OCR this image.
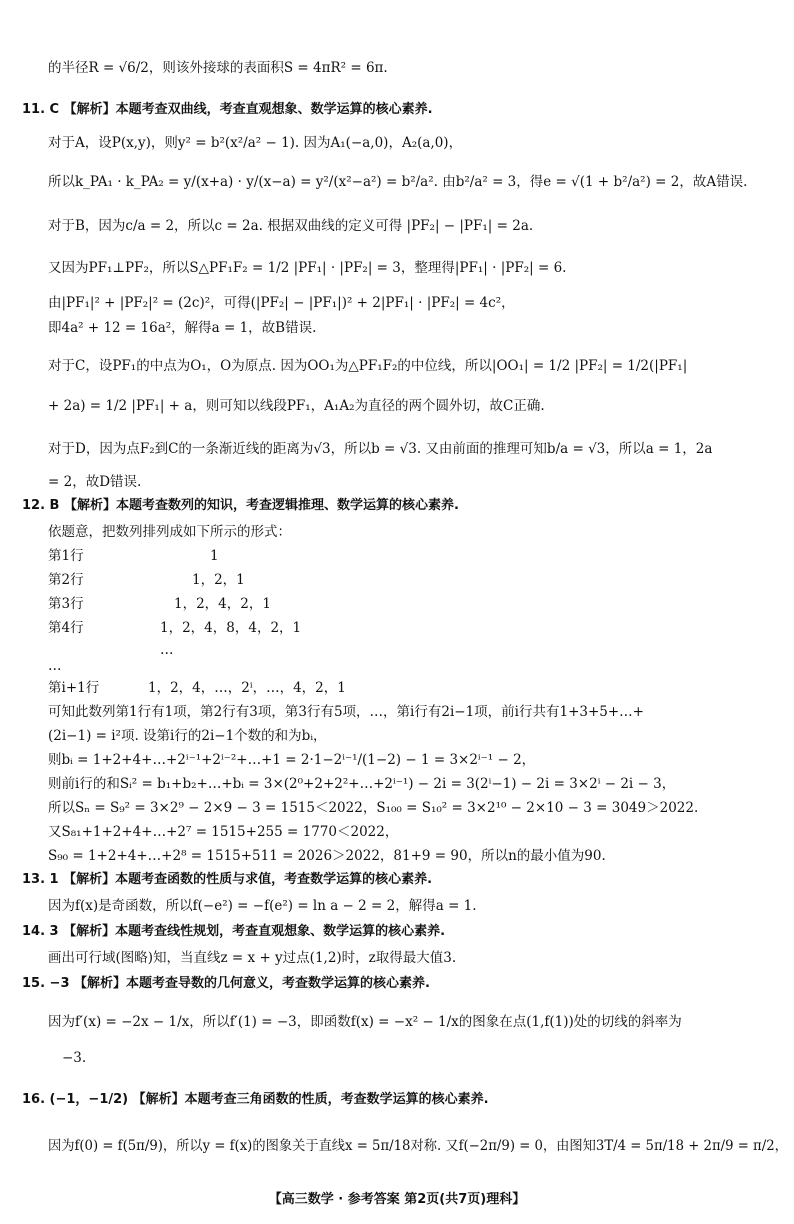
的半径R = √6/2，则该外接球的表面积S = 4πR² = 6π.
11. C 【解析】本题考查双曲线，考查直观想象、数学运算的核心素养.
对于A，设P(x,y)，则y² = b²(x²/a² − 1). 因为A₁(−a,0)，A₂(a,0)，
所以k_PA₁ · k_PA₂ = y/(x+a) · y/(x−a) = y²/(x²−a²) = b²/a². 由b²/a² = 3，得e = √(1 + b²/a²) = 2，故A错误.
对于B，因为c/a = 2，所以c = 2a. 根据双曲线的定义可得 |PF₂| − |PF₁| = 2a.
又因为PF₁⊥PF₂，所以S△PF₁F₂ = 1/2 |PF₁| · |PF₂| = 3，整理得|PF₁| · |PF₂| = 6.
由|PF₁|² + |PF₂|² = (2c)²，可得(|PF₂| − |PF₁|)² + 2|PF₁| · |PF₂| = 4c²，
即4a² + 12 = 16a²，解得a = 1，故B错误.
对于C，设PF₁的中点为O₁，O为原点. 因为OO₁为△PF₁F₂的中位线，所以|OO₁| = 1/2 |PF₂| = 1/2(|PF₁|
+ 2a) = 1/2 |PF₁| + a，则可知以线段PF₁，A₁A₂为直径的两个圆外切，故C正确.
对于D，因为点F₂到C的一条渐近线的距离为√3，所以b = √3. 又由前面的推理可知b/a = √3，所以a = 1，2a
= 2，故D错误.
12. B 【解析】本题考查数列的知识，考查逻辑推理、数学运算的核心素养.
依题意，把数列排列成如下所示的形式：
第1行	1
第2行	1，2，1
第3行	1，2，4，2，1
第4行	1，2，4，8，4，2，1
…
…
第i+1行	1，2，4，…，2ⁱ，…，4，2，1
可知此数列第1行有1项，第2行有3项，第3行有5项，…，第i行有2i−1项，前i行共有1+3+5+…+
(2i−1) = i²项. 设第i行的2i−1个数的和为bᵢ，
则bᵢ = 1+2+4+…+2ⁱ⁻¹+2ⁱ⁻²+…+1 = 2·1−2ⁱ⁻¹/(1−2) − 1 = 3×2ⁱ⁻¹ − 2，
则前i行的和Sᵢ² = b₁+b₂+…+bᵢ = 3×(2⁰+2+2²+…+2ⁱ⁻¹) − 2i = 3(2ⁱ−1) − 2i = 3×2ⁱ − 2i − 3，
所以Sₙ = S₉² = 3×2⁹ − 2×9 − 3 = 1515＜2022，S₁₀₀ = S₁₀² = 3×2¹⁰ − 2×10 − 3 = 3049＞2022.
又S₈₁+1+2+4+…+2⁷ = 1515+255 = 1770＜2022，
S₉₀ = 1+2+4+…+2⁸ = 1515+511 = 2026＞2022，81+9 = 90，所以n的最小值为90.
13. 1 【解析】本题考查函数的性质与求值，考查数学运算的核心素养.
因为f(x)是奇函数，所以f(−e²) = −f(e²) = ln a − 2 = 2，解得a = 1.
14. 3 【解析】本题考查线性规划，考查直观想象、数学运算的核心素养.
画出可行域(图略)知，当直线z = x + y过点(1,2)时，z取得最大值3.
15. −3 【解析】本题考查导数的几何意义，考查数学运算的核心素养.
因为f′(x) = −2x − 1/x，所以f′(1) = −3，即函数f(x) = −x² − 1/x的图象在点(1,f(1))处的切线的斜率为
−3.
16. (−1，−1/2) 【解析】本题考查三角函数的性质，考查数学运算的核心素养.
因为f(0) = f(5π/9)，所以y = f(x)的图象关于直线x = 5π/18对称. 又f(−2π/9) = 0，由图知3T/4 = 5π/18 + 2π/9 = π/2，
【高三数学 · 参考答案 第2页(共7页)理科】
